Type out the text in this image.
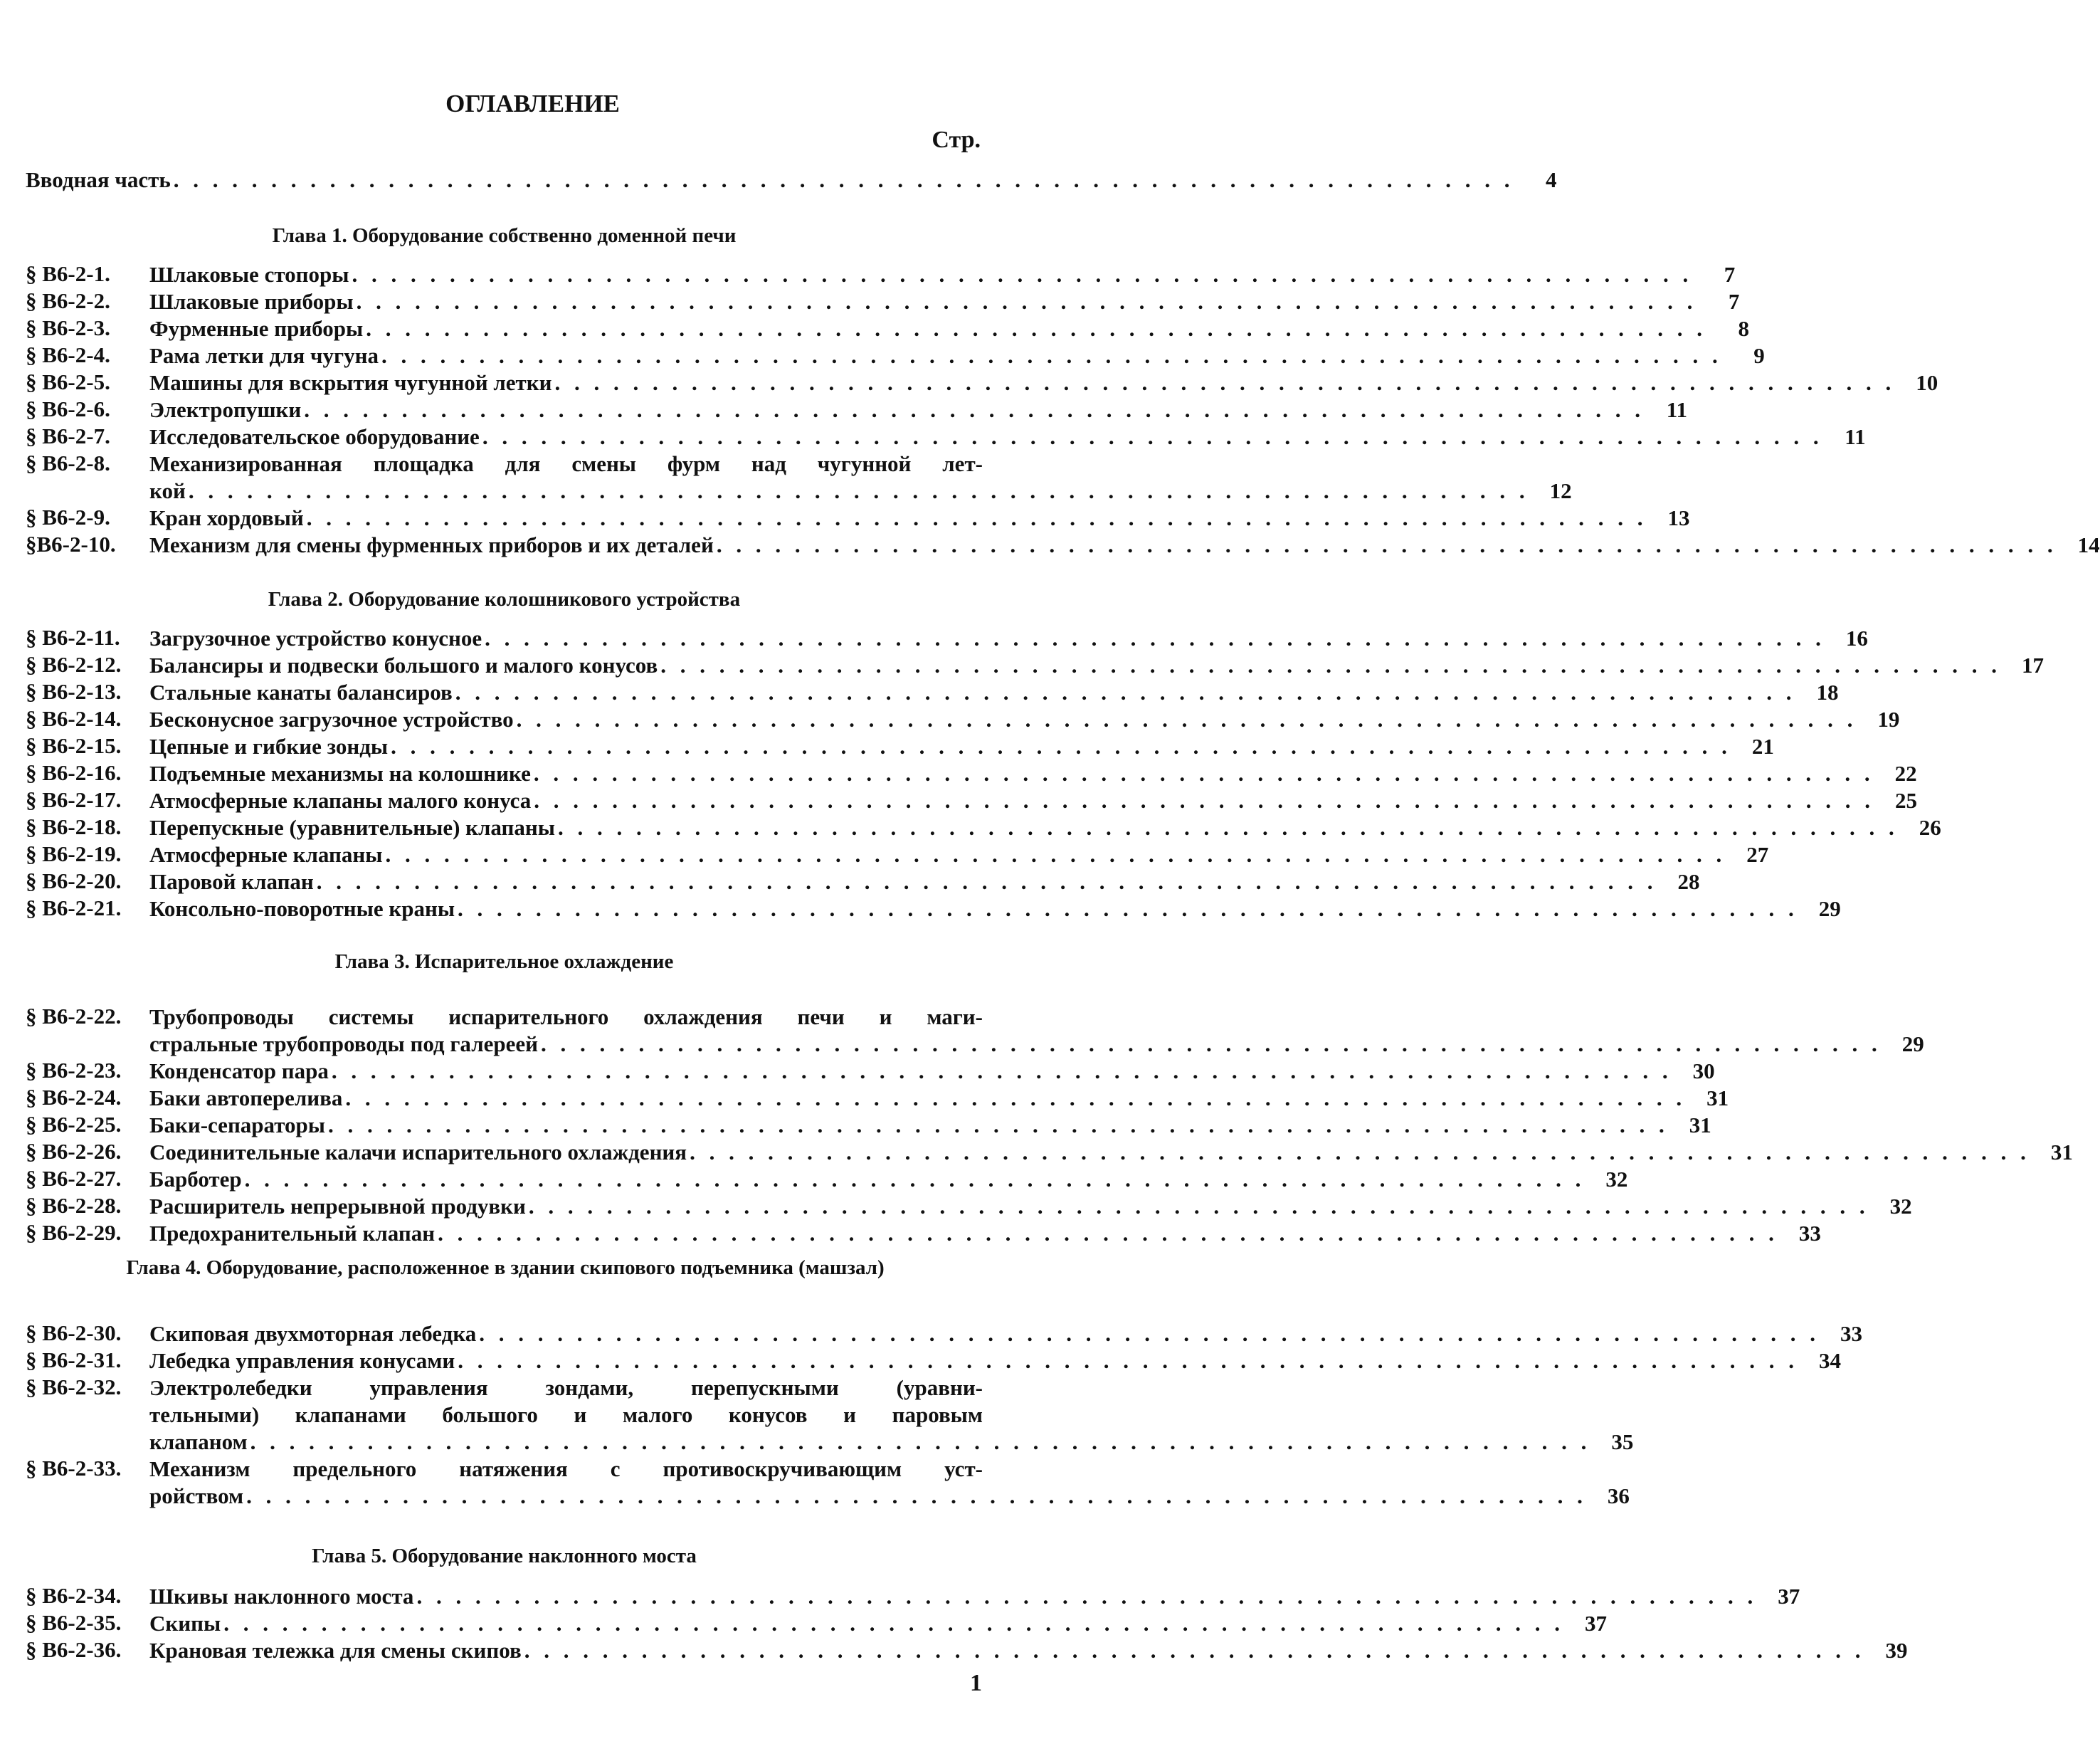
ОГЛАВЛЕНИЕ
Стр.
Вводная часть . . . . . . . . . . . . . . . . . . . . . . . . . . . . . . . . . . . . . . . . . . . . . . . . . . . . . . . . . . . . . . . . . . . . .	4
Глава 1. Оборудование собственно доменной печи
§ В6-2-1. Шлаковые стопоры . . . . . . . . . . . . . . . . . . . . . . . . . . . . . . . . . . . . . . . . . . . . . . . . . . . . . . . . . . . . . . . . . . . . .	7
§ В6-2-2. Шлаковые приборы . . . . . . . . . . . . . . . . . . . . . . . . . . . . . . . . . . . . . . . . . . . . . . . . . . . . . . . . . . . . . . . . . . . . .	7
§ В6-2-3. Фурменные приборы . . . . . . . . . . . . . . . . . . . . . . . . . . . . . . . . . . . . . . . . . . . . . . . . . . . . . . . . . . . . . . . . . . . . .	8
§ В6-2-4. Рама летки для чугуна . . . . . . . . . . . . . . . . . . . . . . . . . . . . . . . . . . . . . . . . . . . . . . . . . . . . . . . . . . . . . . . . . . . . .	9
§ В6-2-5. Машины для вскрытия чугунной летки . . . . . . . . . . . . . . . . . . . . . . . . . . . . . . . . . . . . . . . . . . . . . . . . . . . . . . . . . . . . . . . . . . . . . 10
§ В6-2-6. Электропушки . . . . . . . . . . . . . . . . . . . . . . . . . . . . . . . . . . . . . . . . . . . . . . . . . . . . . . . . . . . . . . . . . . . . . 11
§ В6-2-7. Исследовательское оборудование . . . . . . . . . . . . . . . . . . . . . . . . . . . . . . . . . . . . . . . . . . . . . . . . . . . . . . . . . . . . . . . . . . . . . 11
§ В6-2-8. Механизированная площадка для смены фурм над чугунной лет-
кой . . . . . . . . . . . . . . . . . . . . . . . . . . . . . . . . . . . . . . . . . . . . . . . . . . . . . . . . . . . . . . . . . . . . . 12
§ В6-2-9. Кран хордовый . . . . . . . . . . . . . . . . . . . . . . . . . . . . . . . . . . . . . . . . . . . . . . . . . . . . . . . . . . . . . . . . . . . . . 13
§В6-2-10. Механизм для смены фурменных приборов и их деталей . . . . . . . . . . . . . . . . . . . . . . . . . . . . . . . . . . . . . . . . . . . . . . . . . . . . . . . . . . . . . . . . . . . . . 14
Глава 2. Оборудование колошникового устройства
§ В6-2-11. Загрузочное устройство конусное . . . . . . . . . . . . . . . . . . . . . . . . . . . . . . . . . . . . . . . . . . . . . . . . . . . . . . . . . . . . . . . . . . . . . 16
§ В6-2-12. Балансиры и подвески большого и малого конусов . . . . . . . . . . . . . . . . . . . . . . . . . . . . . . . . . . . . . . . . . . . . . . . . . . . . . . . . . . . . . . . . . . . . . 17
§ В6-2-13. Стальные канаты балансиров . . . . . . . . . . . . . . . . . . . . . . . . . . . . . . . . . . . . . . . . . . . . . . . . . . . . . . . . . . . . . . . . . . . . . 18
§ В6-2-14. Бесконусное загрузочное устройство . . . . . . . . . . . . . . . . . . . . . . . . . . . . . . . . . . . . . . . . . . . . . . . . . . . . . . . . . . . . . . . . . . . . . 19
§ В6-2-15. Цепные и гибкие зонды . . . . . . . . . . . . . . . . . . . . . . . . . . . . . . . . . . . . . . . . . . . . . . . . . . . . . . . . . . . . . . . . . . . . . 21
§ В6-2-16. Подъемные механизмы на колошнике . . . . . . . . . . . . . . . . . . . . . . . . . . . . . . . . . . . . . . . . . . . . . . . . . . . . . . . . . . . . . . . . . . . . . 22
§ В6-2-17. Атмосферные клапаны малого конуса . . . . . . . . . . . . . . . . . . . . . . . . . . . . . . . . . . . . . . . . . . . . . . . . . . . . . . . . . . . . . . . . . . . . . 25
§ В6-2-18. Перепускные (уравнительные) клапаны . . . . . . . . . . . . . . . . . . . . . . . . . . . . . . . . . . . . . . . . . . . . . . . . . . . . . . . . . . . . . . . . . . . . . 26
§ В6-2-19. Атмосферные клапаны . . . . . . . . . . . . . . . . . . . . . . . . . . . . . . . . . . . . . . . . . . . . . . . . . . . . . . . . . . . . . . . . . . . . . 27
§ В6-2-20. Паровой клапан . . . . . . . . . . . . . . . . . . . . . . . . . . . . . . . . . . . . . . . . . . . . . . . . . . . . . . . . . . . . . . . . . . . . . 28
§ В6-2-21. Консольно-поворотные краны . . . . . . . . . . . . . . . . . . . . . . . . . . . . . . . . . . . . . . . . . . . . . . . . . . . . . . . . . . . . . . . . . . . . . 29
Глава 3. Испарительное охлаждение
§ В6-2-22. Трубопроводы системы испарительного охлаждения печи и маги-
стральные трубопроводы под галереей . . . . . . . . . . . . . . . . . . . . . . . . . . . . . . . . . . . . . . . . . . . . . . . . . . . . . . . . . . . . . . . . . . . . . 29
§ В6-2-23. Конденсатор пара . . . . . . . . . . . . . . . . . . . . . . . . . . . . . . . . . . . . . . . . . . . . . . . . . . . . . . . . . . . . . . . . . . . . . 30
§ В6-2-24. Баки автоперелива . . . . . . . . . . . . . . . . . . . . . . . . . . . . . . . . . . . . . . . . . . . . . . . . . . . . . . . . . . . . . . . . . . . . . 31
§ В6-2-25. Баки-сепараторы . . . . . . . . . . . . . . . . . . . . . . . . . . . . . . . . . . . . . . . . . . . . . . . . . . . . . . . . . . . . . . . . . . . . . 31
§ В6-2-26. Соединительные калачи испарительного охлаждения . . . . . . . . . . . . . . . . . . . . . . . . . . . . . . . . . . . . . . . . . . . . . . . . . . . . . . . . . . . . . . . . . . . . . 31
§ В6-2-27. Барботер . . . . . . . . . . . . . . . . . . . . . . . . . . . . . . . . . . . . . . . . . . . . . . . . . . . . . . . . . . . . . . . . . . . . . 32
§ В6-2-28. Расширитель непрерывной продувки . . . . . . . . . . . . . . . . . . . . . . . . . . . . . . . . . . . . . . . . . . . . . . . . . . . . . . . . . . . . . . . . . . . . . 32
§ В6-2-29. Предохранительный клапан . . . . . . . . . . . . . . . . . . . . . . . . . . . . . . . . . . . . . . . . . . . . . . . . . . . . . . . . . . . . . . . . . . . . . 33
Глава 4. Оборудование, расположенное в здании скипового подъемника (машзал)
§ В6-2-30. Скиповая двухмоторная лебедка . . . . . . . . . . . . . . . . . . . . . . . . . . . . . . . . . . . . . . . . . . . . . . . . . . . . . . . . . . . . . . . . . . . . . 33
§ В6-2-31. Лебедка управления конусами . . . . . . . . . . . . . . . . . . . . . . . . . . . . . . . . . . . . . . . . . . . . . . . . . . . . . . . . . . . . . . . . . . . . . 34
§ В6-2-32. Электролебедки управления зондами, перепускными (уравни-
тельными) клапанами большого и малого конусов и паровым
клапаном . . . . . . . . . . . . . . . . . . . . . . . . . . . . . . . . . . . . . . . . . . . . . . . . . . . . . . . . . . . . . . . . . . . . . 35
§ В6-2-33. Механизм предельного натяжения с противоскручивающим уст-
ройством . . . . . . . . . . . . . . . . . . . . . . . . . . . . . . . . . . . . . . . . . . . . . . . . . . . . . . . . . . . . . . . . . . . . . 36
Глава 5. Оборудование наклонного моста
§ В6-2-34. Шкивы наклонного моста . . . . . . . . . . . . . . . . . . . . . . . . . . . . . . . . . . . . . . . . . . . . . . . . . . . . . . . . . . . . . . . . . . . . . 37
§ В6-2-35. Скипы . . . . . . . . . . . . . . . . . . . . . . . . . . . . . . . . . . . . . . . . . . . . . . . . . . . . . . . . . . . . . . . . . . . . . 37
§ В6-2-36. Крановая тележка для смены скипов . . . . . . . . . . . . . . . . . . . . . . . . . . . . . . . . . . . . . . . . . . . . . . . . . . . . . . . . . . . . . . . . . . . . . 39
1
